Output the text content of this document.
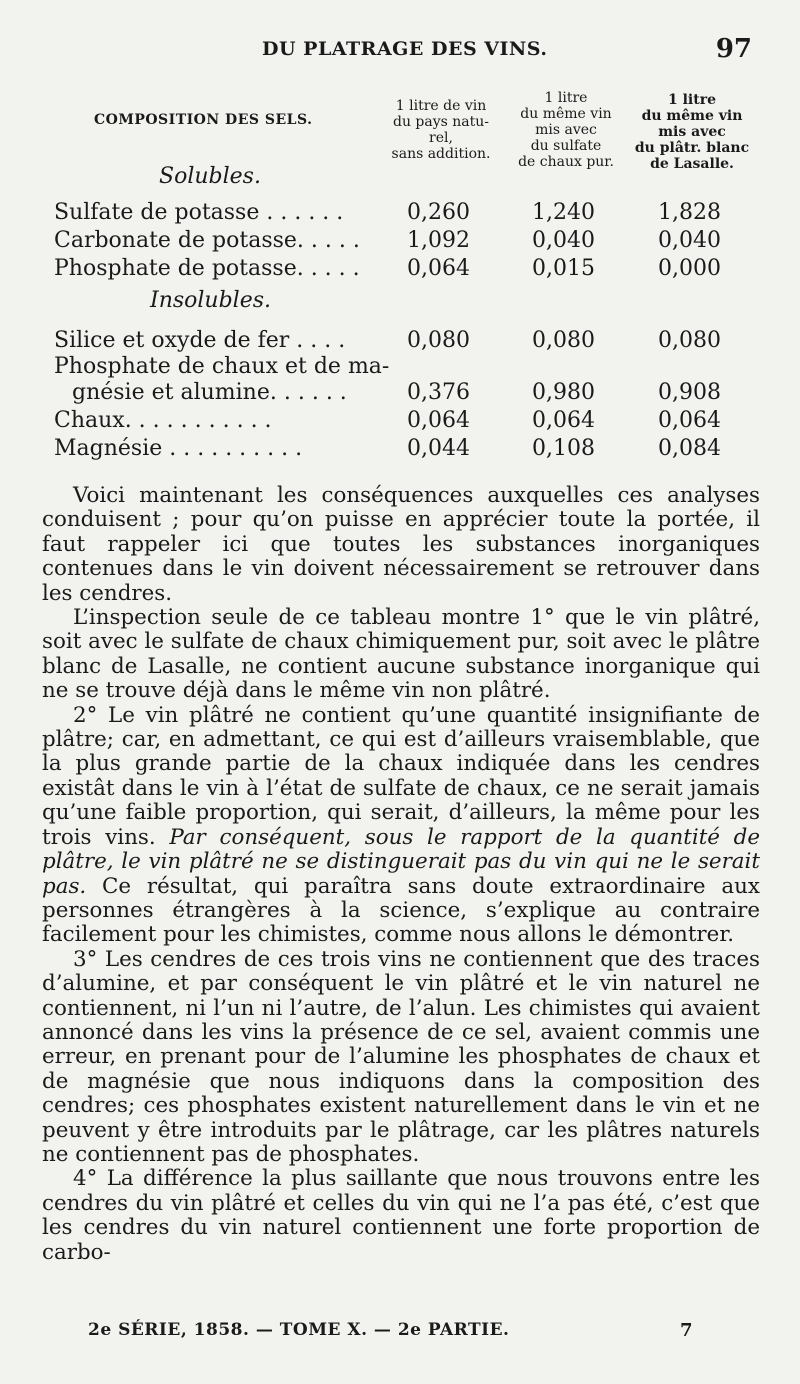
DU PLATRAGE DES VINS.	97
COMPOSITION DES SELS.
1 litre de vin
du pays natu-
rel,
sans addition.
1 litre
du même vin
mis avec
du sulfate
de chaux pur.
1 litre
du même vin
mis avec
du plâtr. blanc
de Lasalle.
Solubles.
Sulfate de potasse . . . . . .	0,260	1,240	1,828
Carbonate de potasse. . . . . 1,092	0,040	0,040
Phosphate de potasse. . . . . 0,064	0,015	0,000
Insolubles.
Silice et oxyde de fer . . . .	0,080	0,080	0,080
Phosphate de chaux et de ma-
gnésie et alumine. . . . . .	0,376	0,980	0,908
Chaux. . . . . . . . . . .	0,064	0,064	0,064
Magnésie . . . . . . . . . .	0,044	0,108	0,084

Voici maintenant les conséquences auxquelles ces analyses conduisent ; pour qu’on puisse en apprécier toute la portée, il faut rappeler ici que toutes les substances inorganiques contenues dans le vin doivent nécessairement se retrouver dans les cendres.

L’inspection seule de ce tableau montre 1° que le vin plâtré, soit avec le sulfate de chaux chimiquement pur, soit avec le plâtre blanc de Lasalle, ne contient aucune substance inorganique qui ne se trouve déjà dans le même vin non plâtré.

2° Le vin plâtré ne contient qu’une quantité insignifiante de plâtre; car, en admettant, ce qui est d’ailleurs vraisemblable, que la plus grande partie de la chaux indiquée dans les cendres existât dans le vin à l’état de sulfate de chaux, ce ne serait jamais qu’une faible proportion, qui serait, d’ailleurs, la même pour les trois vins. Par conséquent, sous le rapport de la quantité de plâtre, le vin plâtré ne se distinguerait pas du vin qui ne le serait pas. Ce résultat, qui paraîtra sans doute extraordinaire aux personnes étrangères à la science, s’explique au contraire facilement pour les chimistes, comme nous allons le démontrer.

3° Les cendres de ces trois vins ne contiennent que des traces d’alumine, et par conséquent le vin plâtré et le vin naturel ne contiennent, ni l’un ni l’autre, de l’alun. Les chimistes qui avaient annoncé dans les vins la présence de ce sel, avaient commis une erreur, en prenant pour de l’alumine les phosphates de chaux et de magnésie que nous indiquons dans la composition des cendres; ces phosphates existent naturellement dans le vin et ne peuvent y être introduits par le plâtrage, car les plâtres naturels ne contiennent pas de phosphates.

4° La différence la plus saillante que nous trouvons entre les cendres du vin plâtré et celles du vin qui ne l’a pas été, c’est que les cendres du vin naturel contiennent une forte proportion de carbo-

2e SÉRIE, 1858. — TOME X. — 2e PARTIE.	7
